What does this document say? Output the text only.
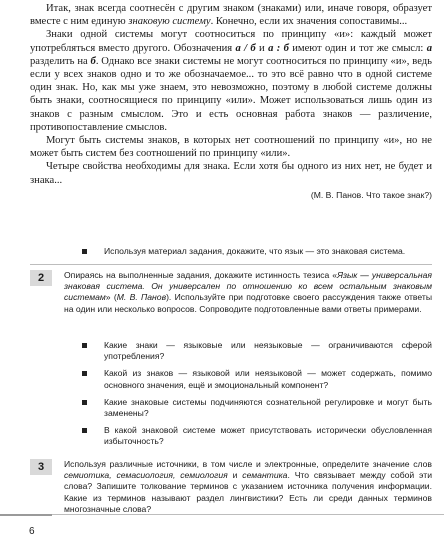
Итак, знак всегда соотнесён с другим знаком (знаками) или, иначе говоря, образует вместе с ним единую знаковую систему. Конечно, если их значения сопоставимы...

Знаки одной системы могут соотноситься по принципу «и»: каждый может употребляться вместо другого. Обозначения a / б и a : б имеют один и тот же смысл: a разделить на б. Однако все знаки системы не могут соотноситься по принципу «и», ведь если у всех знаков одно и то же обозначаемое... то это всё равно что в одной системе один знак. Но, как мы уже знаем, это невозможно, поэтому в любой системе должны быть знаки, соотносящиеся по принципу «или». Может использоваться лишь один из знаков с разным смыслом. Это и есть основная работа знаков — различение, противопоставление смыслов.

Могут быть системы знаков, в которых нет соотношений по принципу «и», но не может быть систем без соотношений по принципу «или».

Четыре свойства необходимы для знака. Если хотя бы одного из них нет, не будет и знака...

(М. В. Панов. Что такое знак?)

Используя материал задания, докажите, что язык — это знаковая система.

2	Опираясь на выполненные задания, докажите истинность тезиса «Язык — универсальная знаковая система. Он универсален по отношению ко всем остальным знаковым системам» (М. В. Панов). Используйте при подготовке своего рассуждения также ответы на один или несколько вопросов. Сопроводите подготовленные вами ответы примерами.

Какие знаки — языковые или неязыковые — ограничиваются сферой употребления?

Какой из знаков — языковой или неязыковой — может содержать, помимо основного значения, ещё и эмоциональный компонент?

Какие знаковые системы подчиняются сознательной регулировке и могут быть заменены?

В какой знаковой системе может присутствовать исторически обусловленная избыточность?

3	Используя различные источники, в том числе и электронные, определите значение слов семиотика, семасиология, семиология и семантика. Что связывает между собой эти слова? Запишите толкование терминов с указанием источника получения информации. Какие из терминов называют раздел лингвистики? Есть ли среди данных терминов многозначные слова?

6
